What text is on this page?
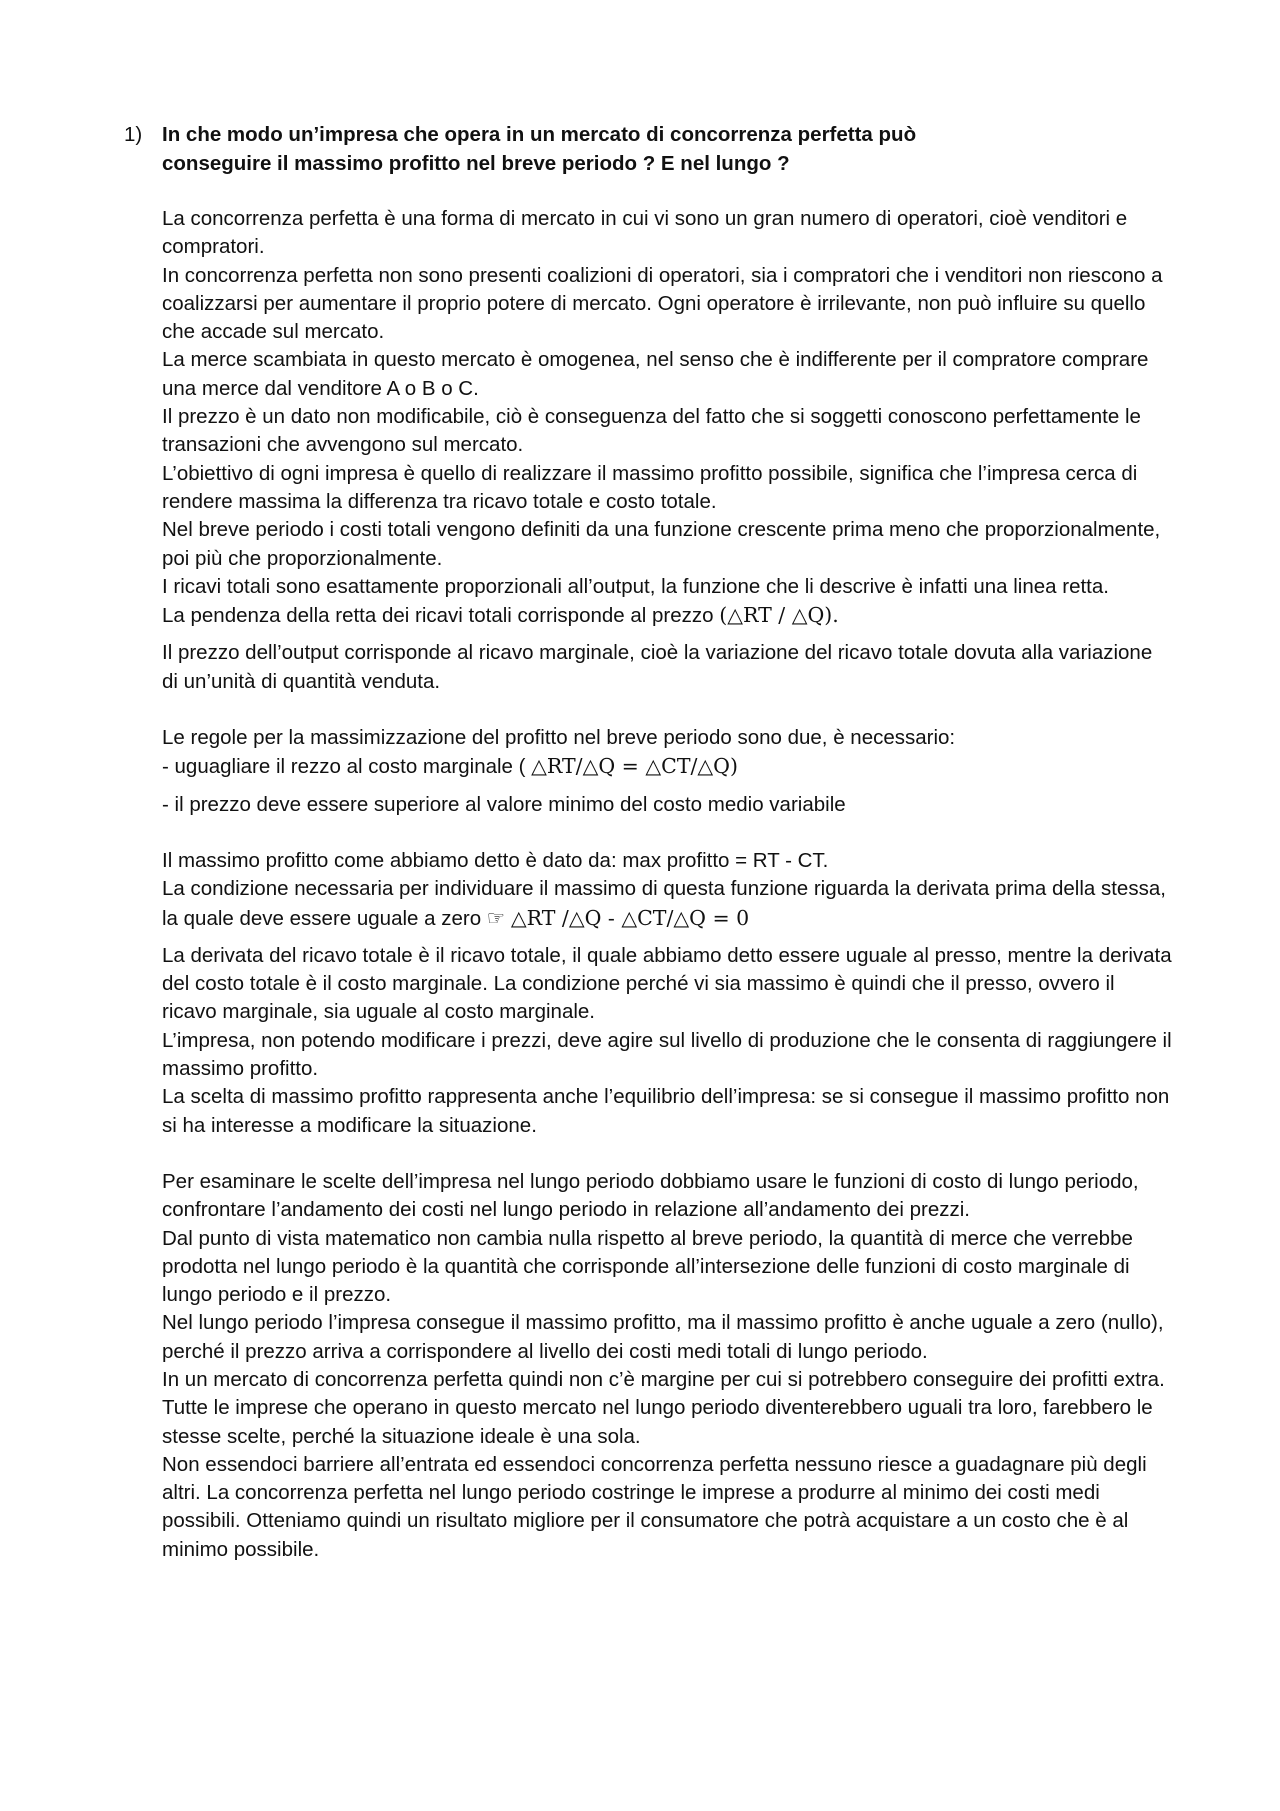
1) In che modo un’impresa che opera in un mercato di concorrenza perfetta può
conseguire il massimo profitto nel breve periodo ? E nel lungo ?

La concorrenza perfetta è una forma di mercato in cui vi sono un gran numero di operatori, cioè venditori e compratori.

In concorrenza perfetta non sono presenti coalizioni di operatori, sia i compratori che i venditori non riescono a coalizzarsi per aumentare il proprio potere di mercato. Ogni operatore è irrilevante, non può influire su quello che accade sul mercato.

La merce scambiata in questo mercato è omogenea, nel senso che è indifferente per il compratore comprare una merce dal venditore A o B o C.

Il prezzo è un dato non modificabile, ciò è conseguenza del fatto che si soggetti conoscono perfettamente le transazioni che avvengono sul mercato.

L’obiettivo di ogni impresa è quello di realizzare il massimo profitto possibile, significa che l’impresa cerca di rendere massima la differenza tra ricavo totale e costo totale.

Nel breve periodo i costi totali vengono definiti da una funzione crescente prima meno che proporzionalmente, poi più che proporzionalmente.

I ricavi totali sono esattamente proporzionali all’output, la funzione che li descrive è infatti una linea retta.

La pendenza della retta dei ricavi totali corrisponde al prezzo (△RT / △Q).

Il prezzo dell’output corrisponde al ricavo marginale, cioè la variazione del ricavo totale dovuta alla variazione di un’unità di quantità venduta.

Le regole per la massimizzazione del profitto nel breve periodo sono due, è necessario:

- uguagliare il rezzo al costo marginale ( △RT/△Q = △CT/△Q)

- il prezzo deve essere superiore al valore minimo del costo medio variabile

Il massimo profitto come abbiamo detto è dato da: max profitto = RT - CT.

La condizione necessaria per individuare il massimo di questa funzione riguarda la derivata prima della stessa, la quale deve essere uguale a zero ☞ △RT /△Q - △CT/△Q = 0

La derivata del ricavo totale è il ricavo totale, il quale abbiamo detto essere uguale al presso, mentre la derivata del costo totale è il costo marginale. La condizione perché vi sia massimo è quindi che il presso, ovvero il ricavo marginale, sia uguale al costo marginale.

L’impresa, non potendo modificare i prezzi, deve agire sul livello di produzione che le consenta di raggiungere il massimo profitto.

La scelta di massimo profitto rappresenta anche l’equilibrio dell’impresa: se si consegue il massimo profitto non si ha interesse a modificare la situazione.

Per esaminare le scelte dell’impresa nel lungo periodo dobbiamo usare le funzioni di costo di lungo periodo, confrontare l’andamento dei costi nel lungo periodo in relazione all’andamento dei prezzi.

Dal punto di vista matematico non cambia nulla rispetto al breve periodo, la quantità di merce che verrebbe prodotta nel lungo periodo è la quantità che corrisponde all’intersezione delle funzioni di costo marginale di lungo periodo e il prezzo.

Nel lungo periodo l’impresa consegue il massimo profitto, ma il massimo profitto è anche uguale a zero (nullo), perché il prezzo arriva a corrispondere al livello dei costi medi totali di lungo periodo.

In un mercato di concorrenza perfetta quindi non c’è margine per cui si potrebbero conseguire dei profitti extra. Tutte le imprese che operano in questo mercato nel lungo periodo diventerebbero uguali tra loro, farebbero le stesse scelte, perché la situazione ideale è una sola.

Non essendoci barriere all’entrata ed essendoci concorrenza perfetta nessuno riesce a guadagnare più degli altri. La concorrenza perfetta nel lungo periodo costringe le imprese a produrre al minimo dei costi medi possibili. Otteniamo quindi un risultato migliore per il consumatore che potrà acquistare a un costo che è al minimo possibile.
